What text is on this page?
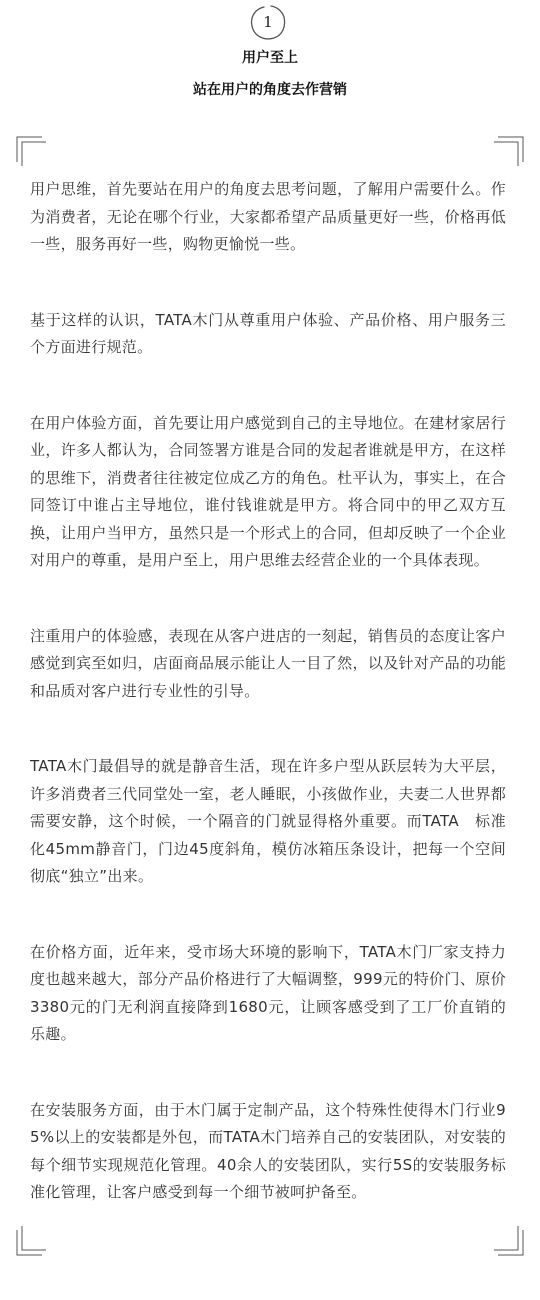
1
用户至上
站在用户的角度去作营销

用户思维，首先要站在用户的角度去思考问题，了解用户需要什么。作为消费者，无论在哪个行业，大家都希望产品质量更好一些，价格再低一些，服务再好一些，购物更愉悦一些。

基于这样的认识，TATA木门从尊重用户体验、产品价格、用户服务三个方面进行规范。

在用户体验方面，首先要让用户感觉到自己的主导地位。在建材家居行业，许多人都认为，合同签署方谁是合同的发起者谁就是甲方，在这样的思维下，消费者往往被定位成乙方的角色。杜平认为，事实上，在合同签订中谁占主导地位，谁付钱谁就是甲方。将合同中的甲乙双方互换，让用户当甲方，虽然只是一个形式上的合同，但却反映了一个企业对用户的尊重，是用户至上，用户思维去经营企业的一个具体表现。

注重用户的体验感，表现在从客户进店的一刻起，销售员的态度让客户感觉到宾至如归，店面商品展示能让人一目了然，以及针对产品的功能和品质对客户进行专业性的引导。

TATA木门最倡导的就是静音生活，现在许多户型从跃层转为大平层，许多消费者三代同堂处一室，老人睡眠，小孩做作业，夫妻二人世界都需要安静，这个时候，一个隔音的门就显得格外重要。而TATA　标准化45mm静音门，门边45度斜角，模仿冰箱压条设计，把每一个空间彻底“独立”出来。

在价格方面，近年来，受市场大环境的影响下，TATA木门厂家支持力度也越来越大，部分产品价格进行了大幅调整，999元的特价门、原价3380元的门无利润直接降到1680元，让顾客感受到了工厂价直销的乐趣。

在安装服务方面，由于木门属于定制产品，这个特殊性使得木门行业95%以上的安装都是外包，而TATA木门培养自己的安装团队，对安装的每个细节实现规范化管理。40余人的安装团队，实行5S的安装服务标准化管理，让客户感受到每一个细节被呵护备至。
